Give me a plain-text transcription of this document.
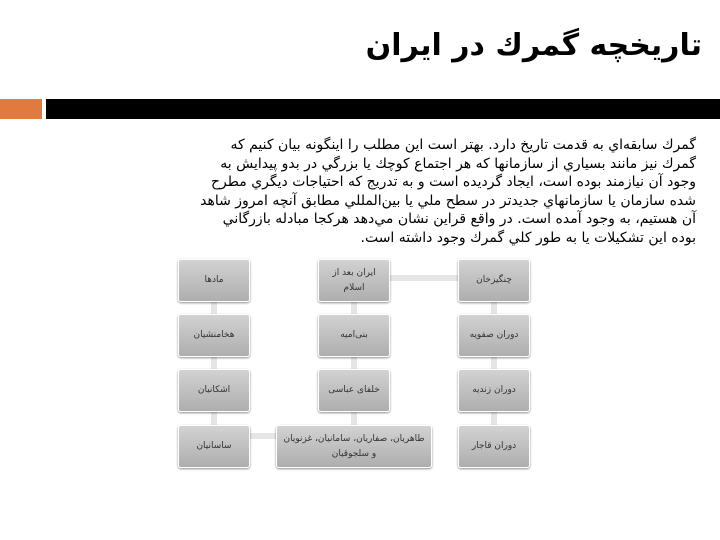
تاريخچه گمرك در ايران
گمرك سابقه‌اي به قدمت تاريخ دارد. بهتر است اين مطلب را اينگونه بيان كنيم كه
گمرك نيز مانند بسياري از سازمانها كه هر اجتماع كوچك يا بزرگي در بدو پيدايش به
وجود آن نيازمند بوده است، ايجاد گرديده است و به تدريج كه احتياجات ديگري مطرح
شده سازمان يا سازمانهاي جديدتر در سطح ملي يا بين‌المللي مطابق آنچه امروز شاهد
آن هستيم، به وجود آمده است. در واقع قراين نشان مي‌دهد هركجا مبادله بازرگاني
بوده اين تشكيلات يا به طور كلي گمرك وجود داشته است.
مادها
هخامنشیان
اشکانیان
ساسانیان
ایران بعد از اسلام
بنی‌امیه
خلفای عباسی
طاهریان، صفاریان، سامانیان، غزنویان و سلجوقیان
چنگیزخان
دوران صفویه
دوران زندیه
دوران قاجار
